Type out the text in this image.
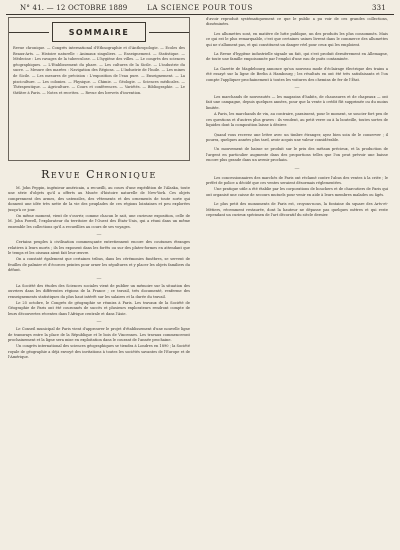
N° 41. — 12 OCTOBRE 1889	LA SCIENCE POUR TOUS	331
SOMMAIRE
Revue chronique. — Congrès international d'Ethnographie et d'Anthropologie. — Ecoles des Beaux-Arts. — Histoire naturelle : Animaux singuliers. — Enseignement. — Statistique. — Médecine : Les ravages de la tuberculose. — L'hygiène des villes. — Le congrès des sciences géographiques. — L'Etablissement du phare. — Les cultures de la Sicile. — L'industrie du sucre. — Mesure des marées : Navigation des Régions. — L'Industrie de l'huile. — Les mines de Sicile. — Les mesures de précision : L'exposition de l'eau pure. — Enseignement. — La pisciculture. — Les colonies. — Physique. — Chimie. — Géologie. — Sciences médicales. — Thérapeutique. — Agriculture. — Cours et conférences. — Variétés. — Bibliographie. — Le théâtre à Paris. — Notes et recettes. — Revue des brevets d'invention.
Revue Chronique

M. John Peppin, ingénieur américain, a recueilli, au cours d'une expédition de l'Alaska, toute une série d'objets qu'il a offerts au Musée d'histoire naturelle de New-York. Ces objets comprennent des armes, des ustensiles, des vêtements et des ornements de toute sorte qui donnent une idée très nette de la vie des peuplades de ces régions lointaines et peu explorées jusqu'à ce jour.

On même moment, vient de s'ouvrir, comme chacun le sait, une curieuse exposition, celle de M. John Powell, l'explorateur du territoire de l'Ouest des États-Unis, qui a réuni dans un même ensemble les collections qu'il a recueillies au cours de ses voyages.

—

Certains peuples à civilisation commençante entretiennent encore des coutumes étranges relatives à leurs morts ; ils les exposent dans les forêts ou sur des plates-formes en attendant que le temps et les oiseaux aient fait leur œuvre.

On a constaté également que certaines tribus, dans les cérémonies funèbres, se servent de feuilles de palmier et d'écorces peintes pour orner les sépultures et y placer les objets familiers du défunt.

—

La Société des études des Sciences sociales vient de publier un mémoire sur la situation des ouvriers dans les différentes régions de la France ; ce travail, très documenté, renferme des renseignements statistiques du plus haut intérêt sur les salaires et la durée du travail.

Le 25 octobre, le Congrès de géographie se réunira à Paris. Les travaux de la Société de Géographie de Paris ont été couronnés de succès et plusieurs explorateurs rendront compte de leurs découvertes récentes dans l'Afrique centrale et dans l'Asie.

—

Le Conseil municipal de Paris vient d'approuver le projet d'établissement d'une nouvelle ligne de tramways entre la place de la République et le bois de Vincennes. Les travaux commenceront prochainement et la ligne sera mise en exploitation dans le courant de l'année prochaine.

Un congrès international des sciences géographiques se tiendra à Londres en 1890 ; la Société royale de géographie a déjà envoyé des invitations à toutes les sociétés savantes de l'Europe et de l'Amérique.

d'avoir reproduit systématiquement ce que le public a pu voir de ces grandes collections, disséminées.

Les allumettes sont, en matière de lutte publique, un des produits les plus consommés. Mais ce qui est le plus remarquable, c'est que certaines usines livrent dans le commerce des allumettes qui ne s'allument pas, et qui constituent un danger réel pour ceux qui les emploient.

La Revue d'hygiène industrielle signale un fait, qui s'est produit dernièrement en Allemagne, de toute une famille empoisonnée par l'emploi d'une eau de puits contaminée.

La Gazette de Magdebourg annonce qu'un nouveau mode d'éclairage électrique des trains a été essayé sur la ligne de Berlin à Hambourg ; les résultats en ont été très satisfaisants et l'on compte l'appliquer prochainement à toutes les voitures des chemins de fer de l'État.

—

Les marchands de nouveautés — les magasins d'habits, de chaussures et de chapeaux — ont fait une campagne, depuis quelques années, pour que la vente à crédit fût supprimée ou du moins limitée.

A Paris, les marchands de vin, au contraire, paraissent, pour le moment, se soucier fort peu de ces questions et d'autres plus graves : ils vendent, au petit verre ou à la bouteille, toutes sortes de liquides dont la composition laisse à désirer.

Quand vous recevez une lettre avec un timbre étranger, ayez bien soin de le conserver ; il pourra, quelques années plus tard, avoir acquis une valeur considérable.

Un mouvement de baisse se produit sur le prix des métaux précieux, et la production de l'argent en particulier augmente dans des proportions telles que l'on peut prévoir une baisse encore plus grande dans un avenir prochain.

—

Les concessionnaires des marchés de Paris ont réclamé contre l'abus des ventes à la criée ; le préfet de police a décidé que ces ventes seraient désormais réglementées.

Une pratique utile a été établie par les corporations de bouchers et de charcutiers de Paris qui ont organisé une caisse de secours mutuels pour venir en aide à leurs membres malades ou âgés.

Le plus petit des monuments de Paris est, croyons-nous, la fontaine du square des Arts-et-Métiers, récemment restaurée, dont la hauteur ne dépasse pas quelques mètres et qui reste cependant un curieux spécimen de l'art décoratif du siècle dernier.
